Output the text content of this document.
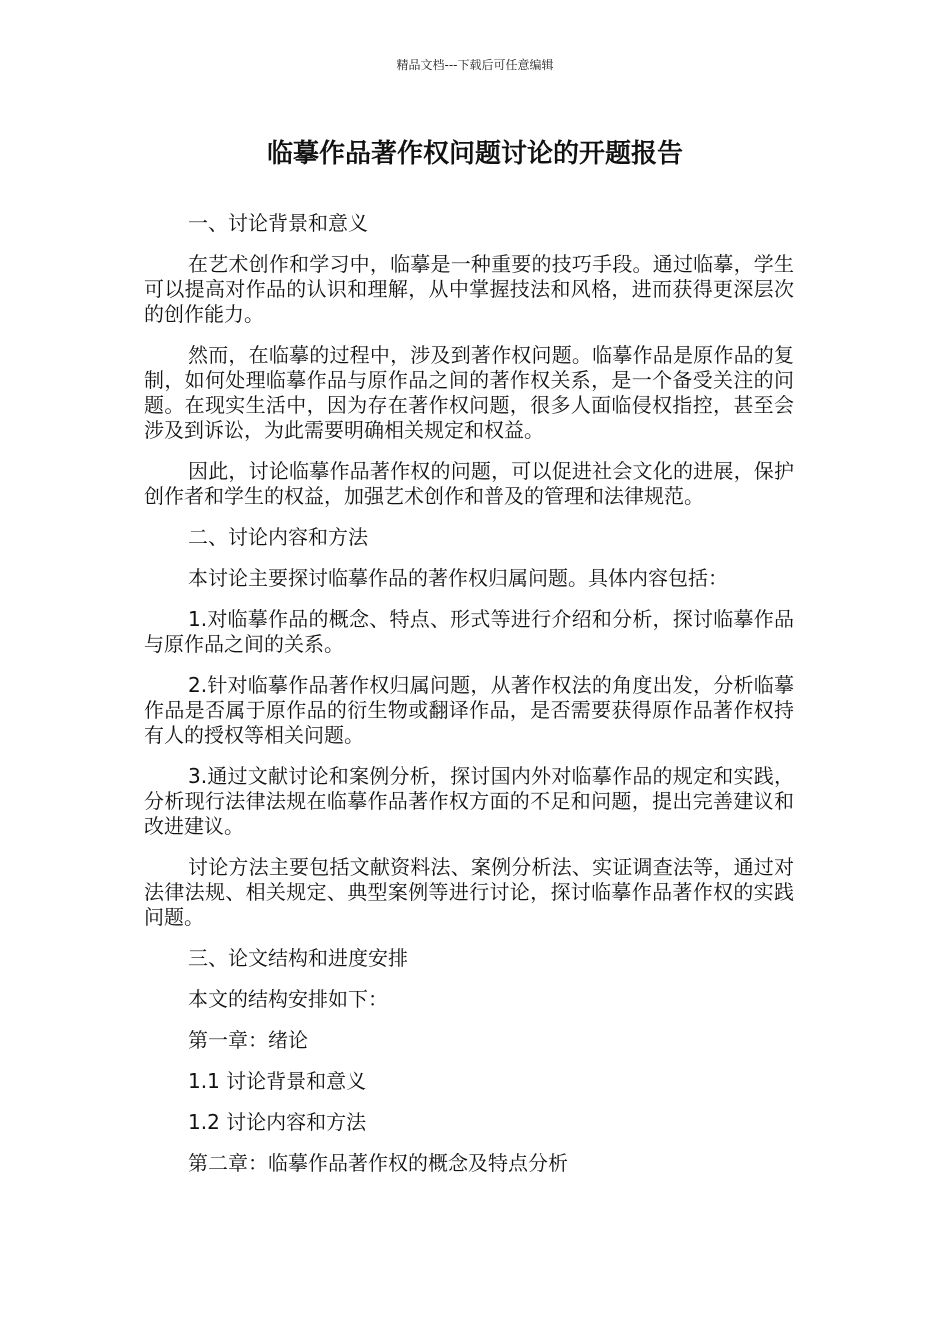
精品文档---下载后可任意编辑
临摹作品著作权问题讨论的开题报告

一、讨论背景和意义

在艺术创作和学习中，临摹是一种重要的技巧手段。通过临摹，学生可以提高对作品的认识和理解，从中掌握技法和风格，进而获得更深层次的创作能力。

然而，在临摹的过程中，涉及到著作权问题。临摹作品是原作品的复制，如何处理临摹作品与原作品之间的著作权关系，是一个备受关注的问题。在现实生活中，因为存在著作权问题，很多人面临侵权指控，甚至会涉及到诉讼，为此需要明确相关规定和权益。

因此，讨论临摹作品著作权的问题，可以促进社会文化的进展，保护创作者和学生的权益，加强艺术创作和普及的管理和法律规范。

二、讨论内容和方法

本讨论主要探讨临摹作品的著作权归属问题。具体内容包括：

1.对临摹作品的概念、特点、形式等进行介绍和分析，探讨临摹作品与原作品之间的关系。

2.针对临摹作品著作权归属问题，从著作权法的角度出发，分析临摹作品是否属于原作品的衍生物或翻译作品，是否需要获得原作品著作权持有人的授权等相关问题。

3.通过文献讨论和案例分析，探讨国内外对临摹作品的规定和实践，分析现行法律法规在临摹作品著作权方面的不足和问题，提出完善建议和改进建议。

讨论方法主要包括文献资料法、案例分析法、实证调查法等，通过对法律法规、相关规定、典型案例等进行讨论，探讨临摹作品著作权的实践问题。

三、论文结构和进度安排

本文的结构安排如下：

第一章：绪论

1.1 讨论背景和意义

1.2 讨论内容和方法

第二章：临摹作品著作权的概念及特点分析
